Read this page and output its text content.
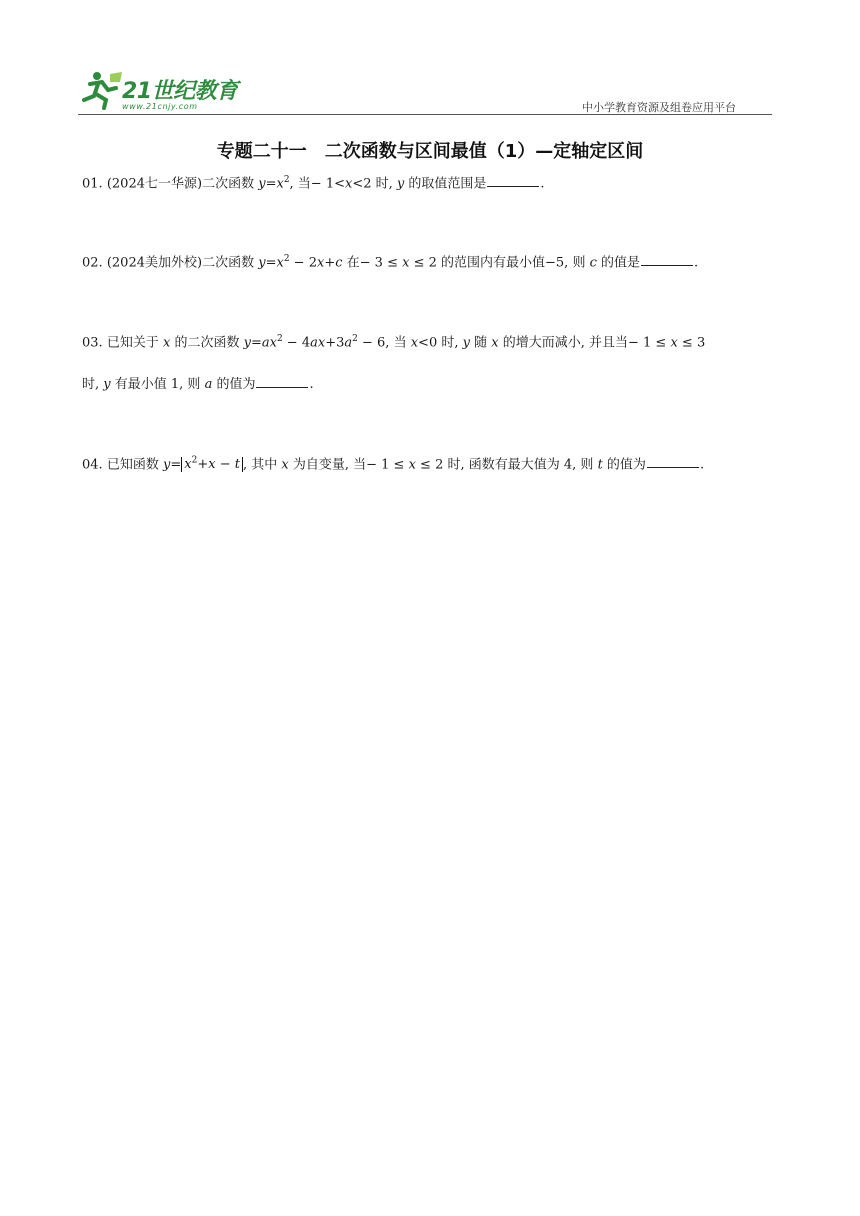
21世纪教育
www.21cnjy.com	中小学教育资源及组卷应用平台
专题二十一　二次函数与区间最值（1）—定轴定区间
01. (2024七一华源)二次函数 $y=x^2$, 当− 1<x<2 时, y 的取值范围是	.
02. (2024美加外校)二次函数 $y=x^2 - 2x+c$ 在− 3 ≤ x ≤ 2 的范围内有最小值−5, 则 c 的值是	.
03. 已知关于 x 的二次函数 $y=ax^2 - 4ax+3a^2 - 6$, 当 x<0 时, y 随 x 的增大而减小, 并且当− 1 ≤ x ≤ 3
时, y 有最小值 1, 则 a 的值为	.
04. 已知函数 $y= x^2+x - t$ , 其中 x 为自变量, 当− 1 ≤ x ≤ 2 时, 函数有最大值为 4, 则 t 的值为	.
